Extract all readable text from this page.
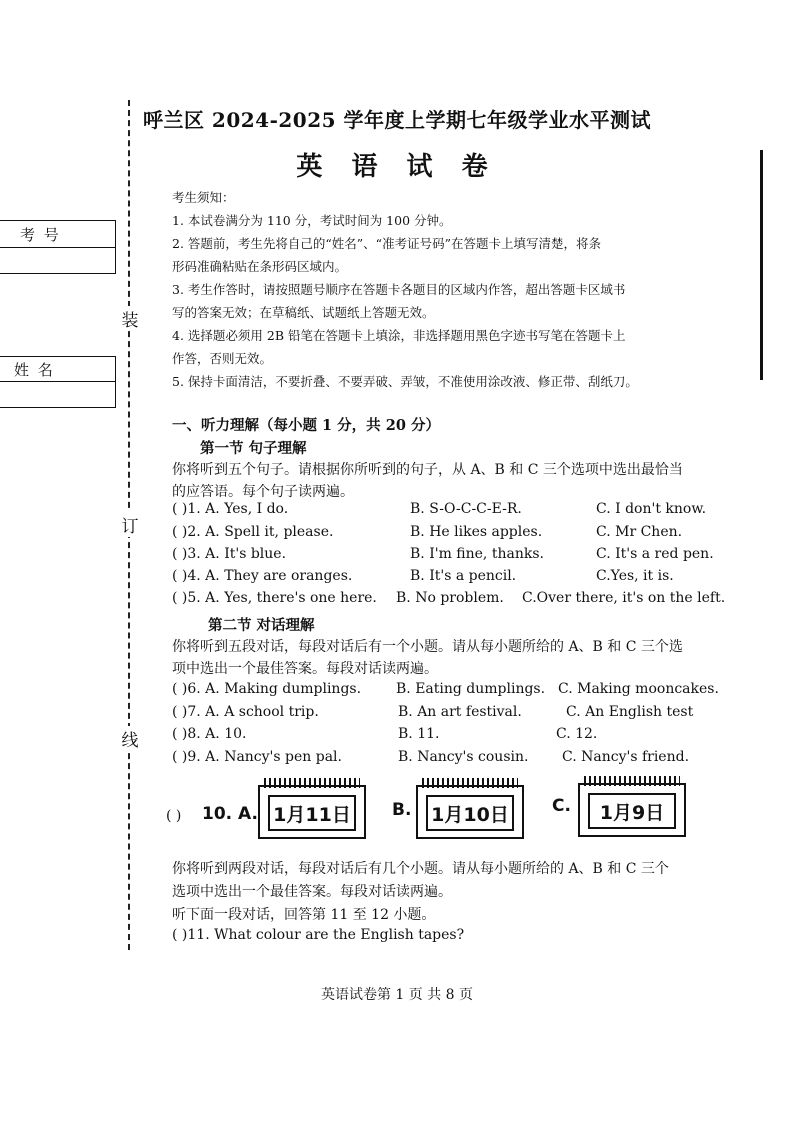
装
订
线
考 号
姓 名
呼兰区 2024-2025 学年度上学期七年级学业水平测试
英 语 试 卷
考生须知：
1. 本试卷满分为 110 分，考试时间为 100 分钟。
2. 答题前，考生先将自己的“姓名”、“准考证号码”在答题卡上填写清楚，将条
形码准确粘贴在条形码区域内。
3. 考生作答时，请按照题号顺序在答题卡各题目的区域内作答，超出答题卡区域书
写的答案无效；在草稿纸、试题纸上答题无效。
4. 选择题必须用 2B 铅笔在答题卡上填涂，非选择题用黑色字迹书写笔在答题卡上
作答，否则无效。
5. 保持卡面清洁，不要折叠、不要弄破、弄皱，不准使用涂改液、修正带、刮纸刀。
一、听力理解（每小题 1 分，共 20 分）
第一节 句子理解
你将听到五个句子。请根据你所听到的句子，从 A、B 和 C 三个选项中选出最恰当
的应答语。每个句子读两遍。
( )1. A. Yes, I do.	B. S-O-C-C-E-R.	C. I don't know.
( )2. A. Spell it, please.	B. He likes apples.	C. Mr Chen.
( )3. A. It's blue.	B. I'm fine, thanks.	C. It's a red pen.
( )4. A. They are oranges.	B. It's a pencil.	C.Yes, it is.
( )5. A. Yes, there's one here. B. No problem. C.Over there, it's on the left.
第二节 对话理解
你将听到五段对话，每段对话后有一个小题。请从每小题所给的 A、B 和 C 三个选
项中选出一个最佳答案。每段对话读两遍。
( )6. A. Making dumplings. B. Eating dumplings. C. Making mooncakes.
( )7. A. A school trip.	B. An art festival.	C. An English test
( )8. A. 10.	B. 11.	C. 12.
( )9. A. Nancy's pen pal.	B. Nancy's cousin. C. Nancy's friend.
( ) 10. A. 1月11日	B. 1月10日	C.	1月9日
你将听到两段对话，每段对话后有几个小题。请从每小题所给的 A、B 和 C 三个
选项中选出一个最佳答案。每段对话读两遍。
听下面一段对话，回答第 11 至 12 小题。
( )11. What colour are the English tapes?
英语试卷第 1 页 共 8 页
